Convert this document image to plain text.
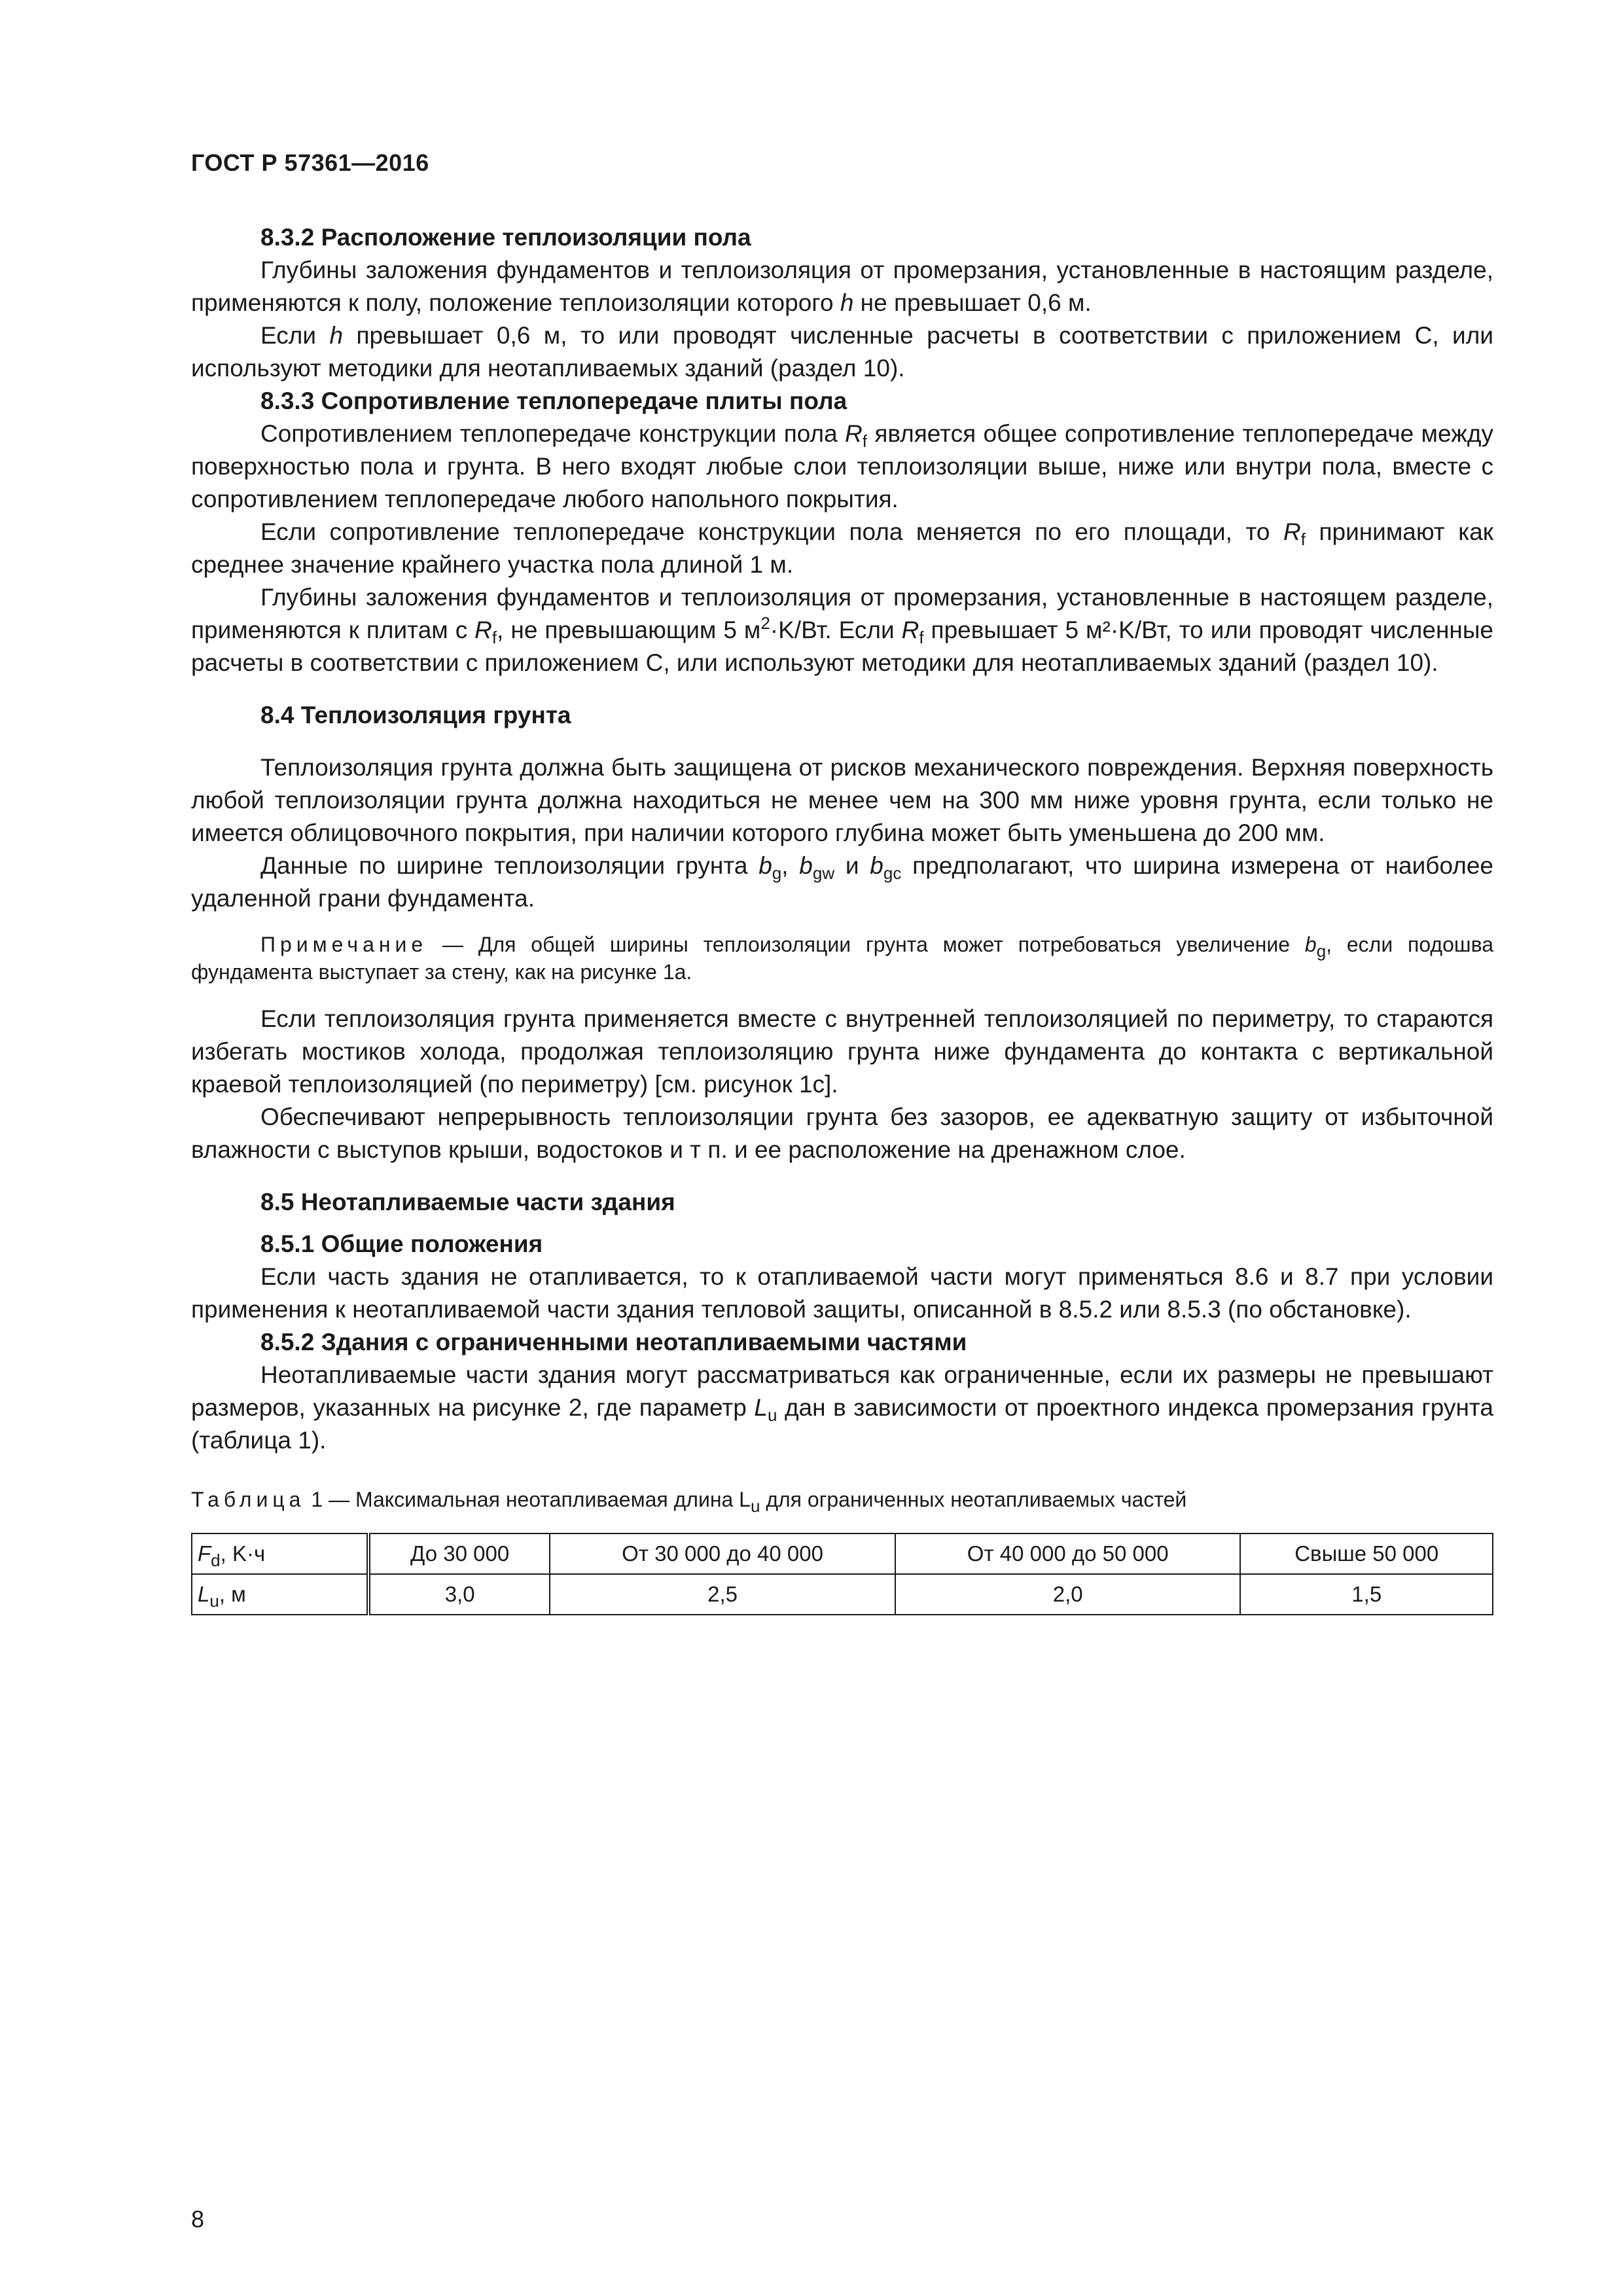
ГОСТ Р 57361—2016

8.3.2 Расположение теплоизоляции пола

Глубины заложения фундаментов и теплоизоляция от промерзания, установленные в настоящим разделе, применяются к полу, положение теплоизоляции которого h не превышает 0,6 м.

Если h превышает 0,6 м, то или проводят численные расчеты в соответствии с приложением С, или используют методики для неотапливаемых зданий (раздел 10).

8.3.3 Сопротивление теплопередаче плиты пола

Сопротивлением теплопередаче конструкции пола $R_f$ является общее сопротивление теплопередаче между поверхностью пола и грунта. В него входят любые слои теплоизоляции выше, ниже или внутри пола, вместе с сопротивлением теплопередаче любого напольного покрытия.

Если сопротивление теплопередаче конструкции пола меняется по его площади, то $R_f$ принимают как среднее значение крайнего участка пола длиной 1 м.

Глубины заложения фундаментов и теплоизоляция от промерзания, установленные в настоящем разделе, применяются к плитам с $R_f$, не превышающим 5 $м^2\cdot K/Вт$. Если $R_f$ превышает 5 м²·K/Вт, то или проводят численные расчеты в соответствии с приложением С, или используют методики для неотапливаемых зданий (раздел 10).

8.4 Теплоизоляция грунта

Теплоизоляция грунта должна быть защищена от рисков механического повреждения. Верхняя поверхность любой теплоизоляции грунта должна находиться не менее чем на 300 мм ниже уровня грунта, если только не имеется облицовочного покрытия, при наличии которого глубина может быть уменьшена до 200 мм.

Данные по ширине теплоизоляции грунта $b_g$, $b_{gw}$ и $b_{gc}$ предполагают, что ширина измерена от наиболее удаленной грани фундамента.

Примечание — Для общей ширины теплоизоляции грунта может потребоваться увеличение $b_g$, если подошва фундамента выступает за стену, как на рисунке 1а.

Если теплоизоляция грунта применяется вместе с внутренней теплоизоляцией по периметру, то стараются избегать мостиков холода, продолжая теплоизоляцию грунта ниже фундамента до контакта с вертикальной краевой теплоизоляцией (по периметру) [см. рисунок 1c].

Обеспечивают непрерывность теплоизоляции грунта без зазоров, ее адекватную защиту от избыточной влажности с выступов крыши, водостоков и т п. и ее расположение на дренажном слое.

8.5 Неотапливаемые части здания

8.5.1 Общие положения

Если часть здания не отапливается, то к отапливаемой части могут применяться 8.6 и 8.7 при условии применения к неотапливаемой части здания тепловой защиты, описанной в 8.5.2 или 8.5.3 (по обстановке).

8.5.2 Здания с ограниченными неотапливаемыми частями

Неотапливаемые части здания могут рассматриваться как ограниченные, если их размеры не превышают размеров, указанных на рисунке 2, где параметр $L_u$ дан в зависимости от проектного индекса промерзания грунта (таблица 1).

Таблица 1 — Максимальная неотапливаемая длина $L_u$ для ограниченных неотапливаемых частей

$F_d$, K·ч	До 30 000	От 30 000 до 40 000	От 40 000 до 50 000	Свыше 50 000
$L_u$, м	3,0	2,5	2,0	1,5
8
